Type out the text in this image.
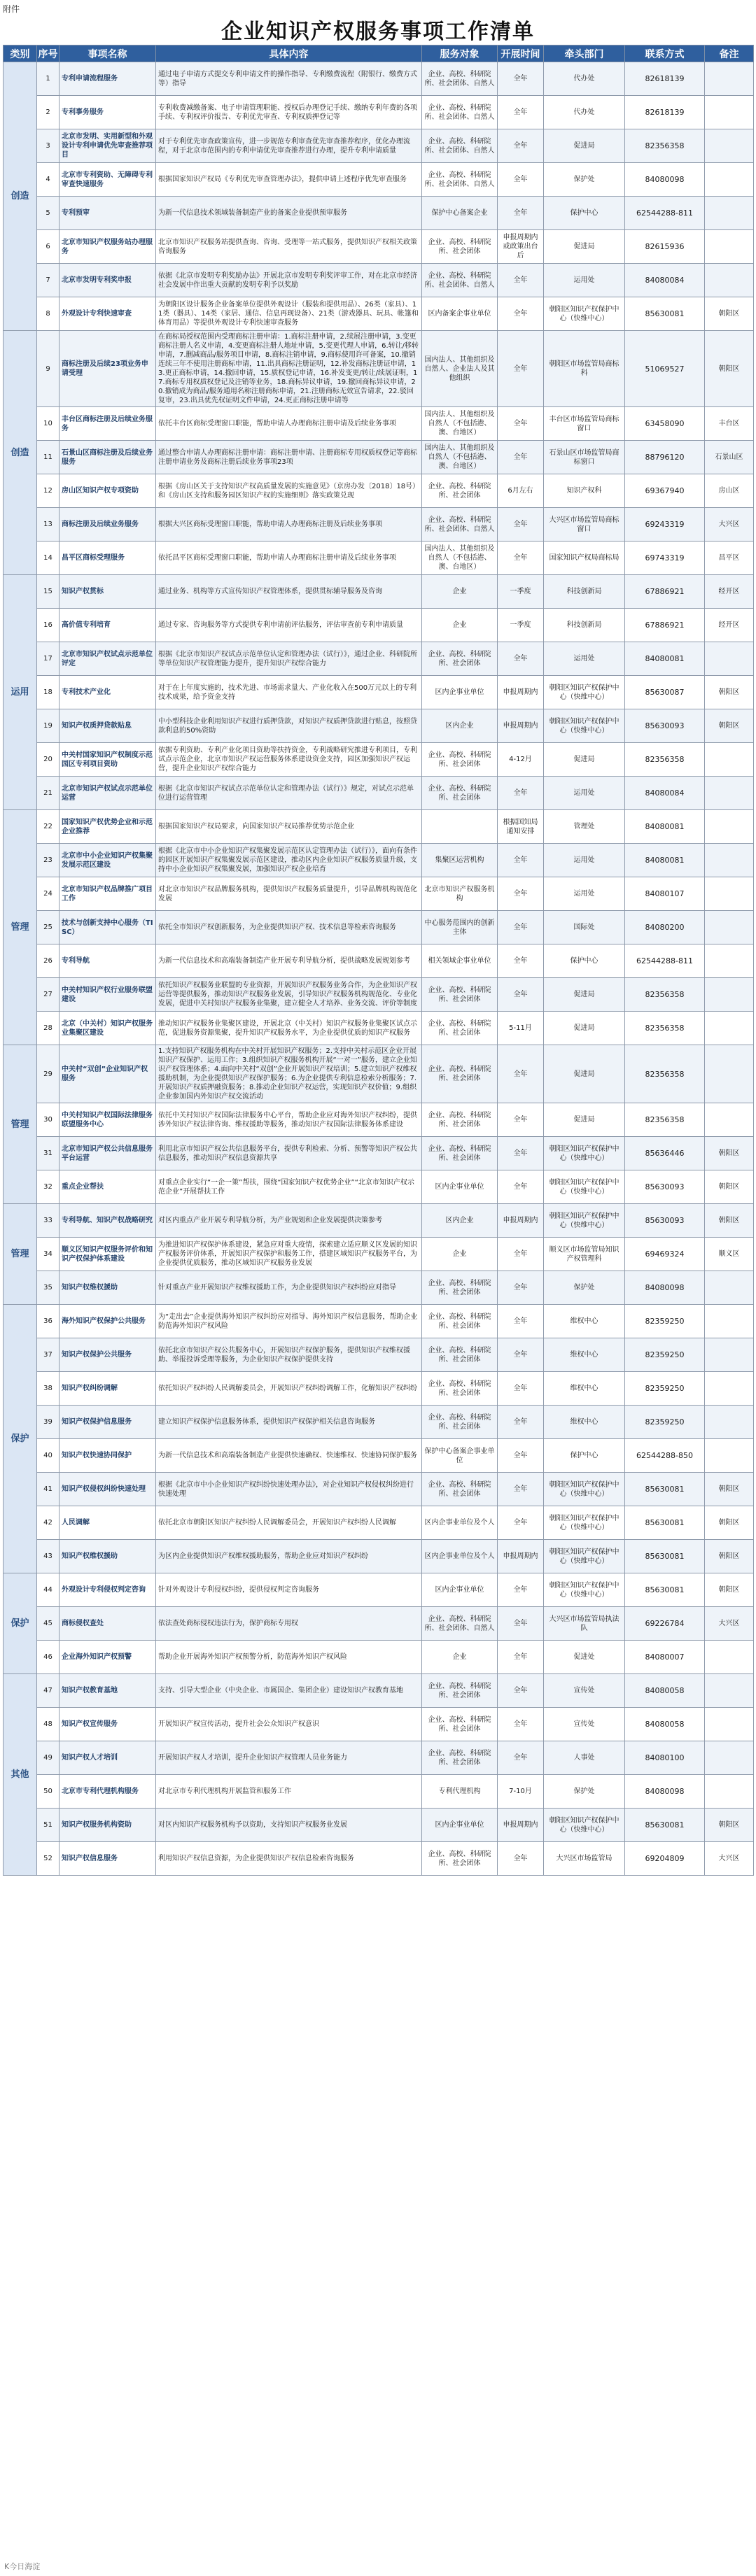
附件
企业知识产权服务事项工作清单
类别	序号	事项名称	具体内容	服务对象	开展时间	牵头部门	联系方式	备注
创造	1	专利申请流程服务	通过电子申请方式提交专利申请文件的操作指导、专利缴费流程（附银行、缴费方式等）指导	企业、高校、科研院所、社会团体、自然人	全年	代办处	82618139	
	2	专利事务服务	专利收费减缴备案、电子申请管理职能、授权后办理登记手续、缴纳专利年费的各项手续、专利权评价报告、专利优先审查、专利权质押登记等	企业、高校、科研院所、社会团体、自然人	全年	代办处	82618139	
	3	北京市发明、实用新型和外观设计专利申请优先审查推荐项目	对于专利优先审查政策宣传，进一步规范专利审查优先审查推荐程序，优化办理流程，对于北京市范围内的专利申请优先审查推荐进行办理，提升专利申请质量	企业、高校、科研院所、社会团体、自然人	全年	促进局	82356358	
	4	北京市专利资助、无障碍专利审查快速服务	根据国家知识产权局《专利优先审查管理办法》，提供申请上述程序优先审查服务	企业、高校、科研院所、社会团体、自然人	全年	保护处	84080098	
	5	专利预审	为新一代信息技术领域装备制造产业的备案企业提供预审服务	保护中心备案企业	全年	保护中心	62544288-811	
	6	北京市知识产权服务站办理服务	北京市知识产权服务站提供查询、咨询、受理等一站式服务，提供知识产权相关政策咨询服务	企业、高校、科研院所、社会团体	申报周期内或政策出台后	促进局	82615936	
	7	北京市发明专利奖申报	依据《北京市发明专利奖励办法》开展北京市发明专利奖评审工作，对在北京市经济社会发展中作出重大贡献的发明专利予以奖励	企业、高校、科研院所、社会团体、自然人	全年	运用处	84080084	
	8	外观设计专利快速审查	为朝阳区设计服务企业备案单位提供外观设计（服装和提供用品）、26类（家具）、11类（器具）、14类（家居、通信、信息再现设备）、21类（游戏器具、玩具、帐篷和体育用品）等提供外观设计专利快速审查服务	区内备案企事业单位	全年	朝阳区知识产权保护中心（快维中心）	85630081	朝阳区
创造	9	商标注册及后续23项业务申请受理	在商标局授权范围内受理商标注册申请：1.商标注册申请，2.续展注册申请，3.变更商标注册人名义申请，4.变更商标注册人地址申请，5.变更代理人申请，6.转让/移转申请，7.删减商品/服务项目申请，8.商标注销申请，9.商标使用许可备案，10.撤销连续三年不使用注册商标申请，11.出具商标注册证明，12.补发商标注册证申请，13.更正商标申请，14.撤回申请，15.质权登记申请，16.补发变更/转让/续展证明，17.商标专用权质权登记及注销等业务，18.商标异议申请，19.撤回商标异议申请，20.撤销成为商品/服务通用名称注册商标申请，21.注册商标无效宣告请求，22.驳回复审，23.出具优先权证明文件申请，24.更正商标注册申请等	国内法人、其他组织及自然人、企业法人及其他组织	全年	朝阳区市场监管局商标科	51069527	朝阳区
	10	丰台区商标注册及后续业务服务	依托丰台区商标受理窗口职能，帮助申请人办理商标注册申请及后续业务事项	国内法人、其他组织及自然人（不包括港、澳、台地区）	全年	丰台区市场监管局商标窗口	63458090	丰台区
	11	石景山区商标注册及后续业务服务	通过整合申请人办理商标注册申请：商标注册申请、注册商标专用权质权登记等商标注册申请业务及商标注册后续业务事项23项	国内法人、其他组织及自然人（不包括港、澳、台地区）	全年	石景山区市场监管局商标窗口	88796120	石景山区
	12	房山区知识产权专项资助	根据《房山区关于支持知识产权高质量发展的实施意见》（京房办发〔2018〕18号）和《房山区支持和服务园区知识产权的实施细则》落实政策兑现	企业、高校、科研院所、社会团体	6月左右	知识产权科	69367940	房山区
	13	商标注册及后续业务服务	根据大兴区商标受理窗口职能，帮助申请人办理商标注册及后续业务事项	企业、高校、科研院所、社会团体、自然人	全年	大兴区市场监管局商标窗口	69243319	大兴区
	14	昌平区商标受理服务	依托昌平区商标受理窗口职能，帮助申请人办理商标注册申请及后续业务事项	国内法人、其他组织及自然人（不包括港、澳、台地区）	全年	国家知识产权局商标局	69743319	昌平区
运用	15	知识产权贯标	通过业务、机构等方式宣传知识产权管理体系，提供贯标辅导服务及咨询	企业	一季度	科技创新局	67886921	经开区
	16	高价值专利培育	通过专家、咨询服务等方式提供专利申请前评估服务，评估审查前专利申请质量	企业	一季度	科技创新局	67886921	经开区
	17	北京市知识产权试点示范单位评定	根据《北京市知识产权试点示范单位认定和管理办法（试行）》，通过企业、科研院所等单位知识产权管理能力提升，提升知识产权综合能力	企业、高校、科研院所、社会团体	全年	运用处	84080081	
	18	专利技术产业化	对于在上年度实施的，技术先进、市场需求量大、产业化收入在500万元以上的专利技术成果，给予资金支持	区内企事业单位	申报周期内	朝阳区知识产权保护中心（快维中心）	85630087	朝阳区
	19	知识产权质押贷款贴息	中小型科技企业利用知识产权进行质押贷款，对知识产权质押贷款进行贴息，按照贷款利息的50%资助	区内企业	申报周期内	朝阳区知识产权保护中心（快维中心）	85630093	朝阳区
	20	中关村国家知识产权制度示范园区专利项目资助	依据专利资助、专利产业化项目资助等扶持资金，专利战略研究推进专利项目，专利试点示范企业，北京市知识产权运营服务体系建设资金支持，园区加强知识产权运营，提升企业知识产权综合能力	企业、高校、科研院所、社会团体	4-12月	促进局	82356358	
	21	北京市知识产权试点示范单位运营	根据《北京市知识产权试点示范单位认定和管理办法（试行）》规定，对试点示范单位进行运营管理	企业、高校、科研院所、社会团体	全年	运用处	84080084	
管理	22	国家知识产权优势企业和示范企业推荐	根据国家知识产权局要求，向国家知识产权局推荐优势示范企业		根据国知局通知安排	管理处	84080081	
	23	北京市中小企业知识产权集聚发展示范区建设	根据《北京市中小企业知识产权集聚发展示范区认定管理办法（试行）》，面向有条件的园区开展知识产权集聚发展示范区建设，推动区内企业知识产权服务质量升级，支持中小企业知识产权集聚发展，加强知识产权企业培育	集聚区运营机构	全年	运用处	84080081	
	24	北京市知识产权品牌推广项目工作	对北京市知识产权品牌服务机构，提供知识产权服务质量提升，引导品牌机构规范化发展	北京市知识产权服务机构	全年	运用处	84080107	
	25	技术与创新支持中心服务（TISC）	依托全市知识产权创新服务，为企业提供知识产权、技术信息等检索咨询服务	中心服务范围内的创新主体	全年	国际处	84080200	
	26	专利导航	为新一代信息技术和高端装备制造产业开展专利导航分析，提供战略发展规划参考	相关领域企事业单位	全年	保护中心	62544288-811	
	27	中关村知识产权行业服务联盟建设	依托知识产权服务业联盟的专业资源，开展知识产权服务业务合作，为企业知识产权运营等提供服务，推动知识产权服务业发展，引导知识产权服务机构规范化、专业化发展，促进中关村知识产权服务业集聚，建立健全人才培养、业务交流、评价等制度	企业、高校、科研院所、社会团体	全年	促进局	82356358	
	28	北京（中关村）知识产权服务业集聚区建设	推动知识产权服务业集聚区建设，开展北京（中关村）知识产权服务业集聚区试点示范，促进服务资源集聚，提升知识产权服务水平，为企业提供优质的知识产权服务	企业、高校、科研院所、社会团体	5-11月	促进局	82356358	
管理	29	中关村“双创”企业知识产权服务	1.支持知识产权服务机构在中关村开展知识产权服务；2.支持中关村示范区企业开展知识产权保护、运用工作；3.组织知识产权服务机构开展“一对一”服务，建立企业知识产权管理体系；4.面向中关村“双创”企业开展知识产权培训；5.建立知识产权维权援助机制，为企业提供知识产权保护服务；6.为企业提供专利信息检索分析服务；7.开展知识产权质押融资服务；8.推动企业知识产权运营，实现知识产权价值；9.组织企业参加国内外知识产权交流活动	企业、高校、科研院所、社会团体	全年	促进局	82356358	
	30	中关村知识产权国际法律服务联盟服务中心	依托中关村知识产权国际法律服务中心平台，帮助企业应对海外知识产权纠纷，提供涉外知识产权法律咨询、维权援助等服务，推动知识产权国际法律服务体系建设	企业、高校、科研院所、社会团体	全年	促进局	82356358	
	31	北京市知识产权公共信息服务平台运营	利用北京市知识产权公共信息服务平台，提供专利检索、分析、预警等知识产权公共信息服务，推动知识产权信息资源共享	企业、高校、科研院所、社会团体	全年	朝阳区知识产权保护中心（快维中心）	85636446	朝阳区
	32	重点企业帮扶	对重点企业实行“一企一策”帮扶，围绕“国家知识产权优势企业”“北京市知识产权示范企业”开展帮扶工作	区内企事业单位	全年	朝阳区知识产权保护中心（快维中心）	85630093	朝阳区
管理	33	专利导航、知识产权战略研究	对区内重点产业开展专利导航分析，为产业规划和企业发展提供决策参考	区内企业	申报周期内	朝阳区知识产权保护中心（快维中心）	85630093	朝阳区
	34	顺义区知识产权服务评价和知识产权保护体系建设	为推进知识产权保护体系建设，紧急应对重大疫情，探索建立适应顺义区发展的知识产权服务评价体系，开展知识产权保护和服务工作，搭建区域知识产权服务平台，为企业提供优质服务，推动区域知识产权服务业发展	企业	全年	顺义区市场监管局知识产权管理科	69469324	顺义区
	35	知识产权维权援助	针对重点产业开展知识产权维权援助工作，为企业提供知识产权纠纷应对指导	企业、高校、科研院所、社会团体	全年	保护处	84080098	
保护	36	海外知识产权保护公共服务	为“走出去”企业提供海外知识产权纠纷应对指导、海外知识产权信息服务，帮助企业防范海外知识产权风险	企业、高校、科研院所、社会团体	全年	维权中心	82359250	
	37	知识产权保护公共服务	依托北京市知识产权公共服务中心，开展知识产权保护服务，提供知识产权维权援助、举报投诉受理等服务，为企业知识产权保护提供支持	企业、高校、科研院所、社会团体	全年	维权中心	82359250	
	38	知识产权纠纷调解	依托知识产权纠纷人民调解委员会，开展知识产权纠纷调解工作，化解知识产权纠纷	企业、高校、科研院所、社会团体	全年	维权中心	82359250	
	39	知识产权保护信息服务	建立知识产权保护信息服务体系，提供知识产权保护相关信息咨询服务	企业、高校、科研院所、社会团体	全年	维权中心	82359250	
	40	知识产权快速协同保护	为新一代信息技术和高端装备制造产业提供快速确权、快速维权、快速协同保护服务	保护中心备案企事业单位	全年	保护中心	62544288-850	
	41	知识产权侵权纠纷快速处理	根据《北京市中小企业知识产权纠纷快速处理办法》，对企业知识产权侵权纠纷进行快速处理	企业、高校、科研院所、社会团体	全年	朝阳区知识产权保护中心（快维中心）	85630081	朝阳区
	42	人民调解	依托北京市朝阳区知识产权纠纷人民调解委员会，开展知识产权纠纷人民调解	区内企事业单位及个人	全年	朝阳区知识产权保护中心（快维中心）	85630081	朝阳区
	43	知识产权维权援助	为区内企业提供知识产权维权援助服务，帮助企业应对知识产权纠纷	区内企事业单位及个人	申报周期内	朝阳区知识产权保护中心（快维中心）	85630081	朝阳区
保护	44	外观设计专利侵权判定咨询	针对外观设计专利侵权纠纷，提供侵权判定咨询服务	区内企事业单位	全年	朝阳区知识产权保护中心（快维中心）	85630081	朝阳区
	45	商标侵权查处	依法查处商标侵权违法行为，保护商标专用权	企业、高校、科研院所、社会团体、自然人	全年	大兴区市场监管局执法队	69226784	大兴区
	46	企业海外知识产权预警	帮助企业开展海外知识产权预警分析，防范海外知识产权风险	企业	全年	促进处	84080007	
其他	47	知识产权教育基地	支持、引导大型企业（中央企业、市属国企、集团企业）建设知识产权教育基地	企业、高校、科研院所、社会团体	全年	宣传处	84080058	
	48	知识产权宣传服务	开展知识产权宣传活动，提升社会公众知识产权意识	企业、高校、科研院所、社会团体	全年	宣传处	84080058	
	49	知识产权人才培训	开展知识产权人才培训，提升企业知识产权管理人员业务能力	企业、高校、科研院所、社会团体	全年	人事处	84080100	
	50	北京市专利代理机构服务	对北京市专利代理机构开展监管和服务工作	专利代理机构	7-10月	保护处	84080098	
	51	知识产权服务机构资助	对区内知识产权服务机构予以资助，支持知识产权服务业发展	区内企事业单位	申报周期内	朝阳区知识产权保护中心（快维中心）	85630081	朝阳区
	52	知识产权信息服务	利用知识产权信息资源，为企业提供知识产权信息检索咨询服务	企业、高校、科研院所、社会团体	全年	大兴区市场监管局	69204809	大兴区
K今日海淀
